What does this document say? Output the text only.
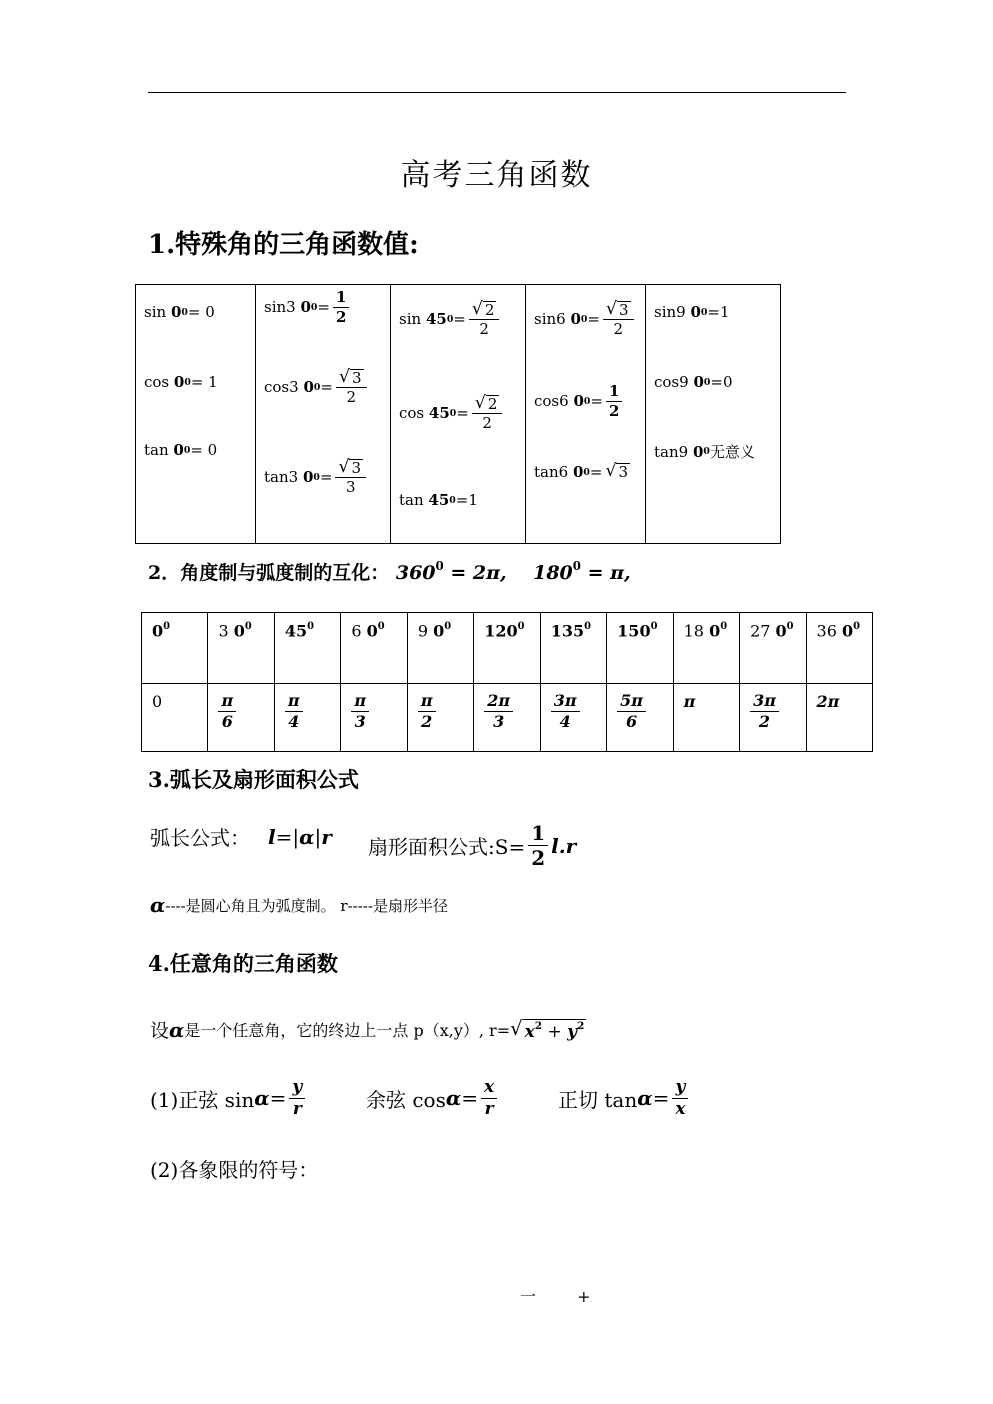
高考三角函数
1.特殊角的三角函数值:
sin
0 0 = 0
cos
0 0 = 1
tan
0 0 = 0

sin3
0 $0 = \frac{1}{2}$
cos3
0 $0 = \frac{√ 3}{2}$
tan3
0 $0 = \frac{√ 3}{3}$

sin
45 $0 = \frac{√ 2}{2}$
cos
45 $0 = \frac{√ 2}{2}$
tan
45 0 =1

sin6
0 $0 = \frac{√ 3}{2}$
cos6
0 $0 = \frac{1}{2}$
tan6
0 0 = √ 3

sin9
0 0 =1
cos9
0 0 =0
tan9
0 0 无意义
2．角度制与弧度制的互化： $360^0 = 2\pi$, $180^0 = \pi$,
$0^0$	3 $0^0$	$45^0$	6 $0^0$	9 $0^0$	$120^0$	$135^0$	$150^0$	18 $0^0$	27 $0^0$	36 $0^0$
0	$\frac{\pi}{6}$	$\frac{\pi}{4}$	$\frac{\pi}{3}$	$\frac{\pi}{2}$	$\frac{2\pi}{3}$	$\frac{3\pi}{4}$	$\frac{5\pi}{6}$	π	$\frac{3\pi}{2}$	2π
3.弧长及扇形面积公式
弧长公式： l = | α | r 扇形面积公式:S= $\frac{1}{2} l.r$
α ----是圆心角且为弧度制。 r-----是扇形半径
4.任意角的三角函数
设 α 是一个任意角，它的终边上一点 p（x,y）, r= √ $x^2 + y^2$
(1)正弦 $\sin \alpha = \frac{y}{r}$	余弦 $\cos \alpha = \frac{x}{r}$	正切 $\tan \alpha = \frac{y}{x}$
(2)各象限的符号：
一 +
